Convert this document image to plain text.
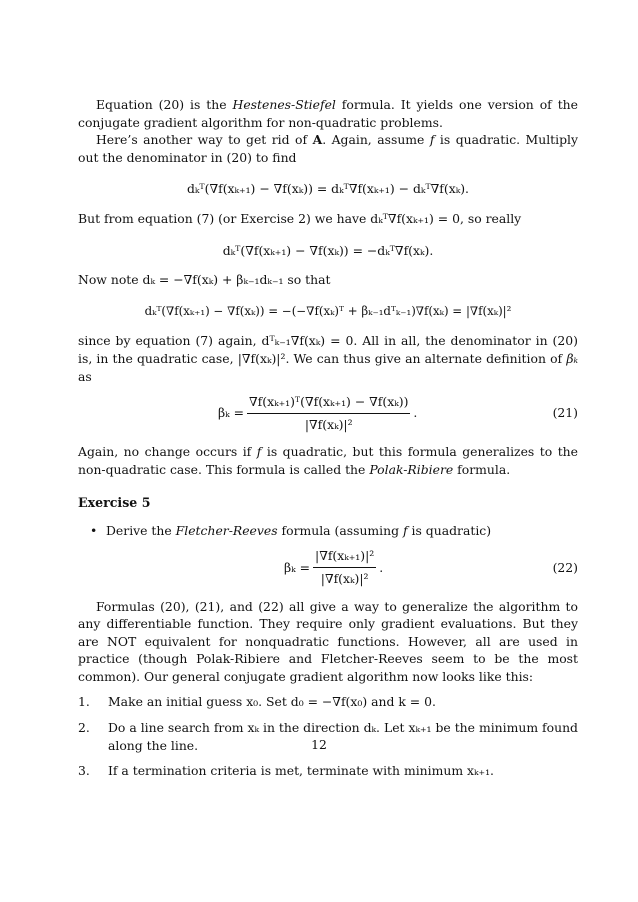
Equation (20) is the Hestenes-Stiefel formula. It yields one version of the conjugate gradient algorithm for non-quadratic problems.

Here’s another way to get rid of A. Again, assume f is quadratic. Multiply out the denominator in (20) to find

dₖᵀ(∇f(xₖ₊₁) − ∇f(xₖ)) = dₖᵀ∇f(xₖ₊₁) − dₖᵀ∇f(xₖ).

But from equation (7) (or Exercise 2) we have dₖᵀ∇f(xₖ₊₁) = 0, so really

dₖᵀ(∇f(xₖ₊₁) − ∇f(xₖ)) = −dₖᵀ∇f(xₖ).

Now note dₖ = −∇f(xₖ) + βₖ₋₁dₖ₋₁ so that

dₖᵀ(∇f(xₖ₊₁) − ∇f(xₖ)) = −(−∇f(xₖ)ᵀ + βₖ₋₁dᵀₖ₋₁)∇f(xₖ) = |∇f(xₖ)|²

since by equation (7) again, dᵀₖ₋₁∇f(xₖ) = 0. All in all, the denominator in (20) is, in the quadratic case, |∇f(xₖ)|². We can thus give an alternate definition of βₖ as

$\beta_k = \frac{\text{∇f(xₖ₊₁)ᵀ(∇f(xₖ₊₁) − ∇f(xₖ))}}{\text{|∇f(xₖ)|²}}$ .	(21)

Again, no change occurs if f is quadratic, but this formula generalizes to the non-quadratic case. This formula is called the Polak-Ribiere formula.

Exercise 5
• Derive the Fletcher-Reeves formula (assuming f is quadratic)
$\beta_k = \frac{\text{|∇f(xₖ₊₁)|²}}{\text{|∇f(xₖ)|²}}$ .	(22)

Formulas (20), (21), and (22) all give a way to generalize the algorithm to any differentiable function. They require only gradient evaluations. But they are NOT equivalent for nonquadratic functions. However, all are used in practice (though Polak-Ribiere and Fletcher-Reeves seem to be the most common). Our general conjugate gradient algorithm now looks like this:

1. Make an initial guess x₀. Set d₀ = −∇f(x₀) and k = 0.
2. Do a line search from xₖ in the direction dₖ. Let xₖ₊₁ be the minimum found along the line.
3. If a termination criteria is met, terminate with minimum xₖ₊₁.
12
